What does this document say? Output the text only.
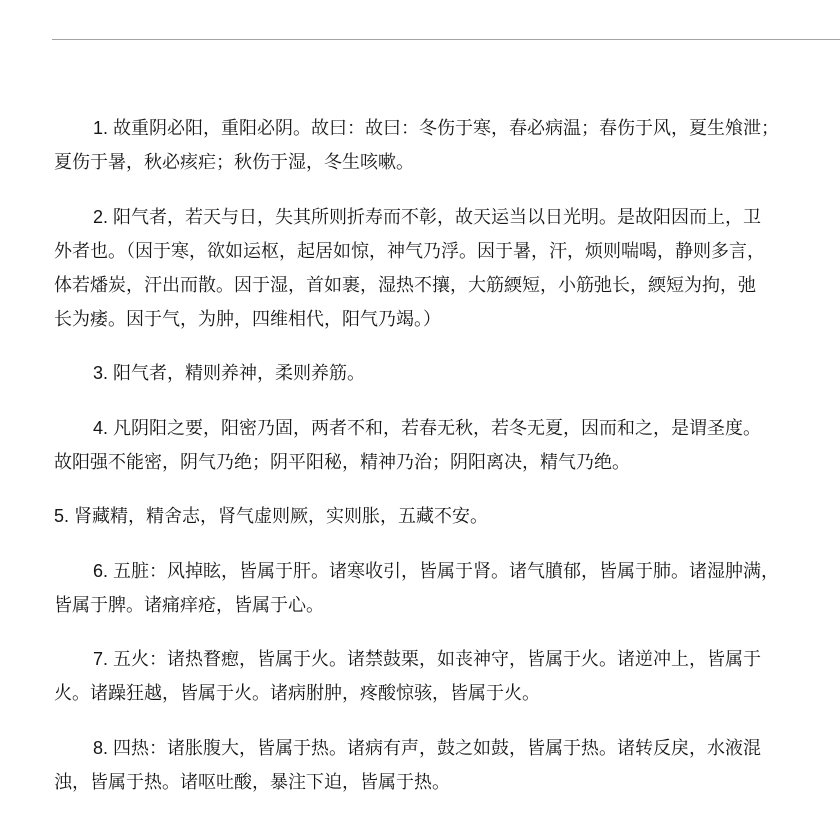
1. 故重阴必阳，重阳必阴。故曰：故曰：冬伤于寒，春必病温；春伤于风，夏生飧泄；
夏伤于暑，秋必痎疟；秋伤于湿，冬生咳嗽。
2. 阳气者，若天与日，失其所则折寿而不彰，故天运当以日光明。是故阳因而上，卫
外者也。（因于寒，欲如运枢，起居如惊，神气乃浮。因于暑，汗，烦则喘喝，静则多言，
体若燔炭，汗出而散。因于湿，首如裹，湿热不攘，大筋緛短，小筋弛长，緛短为拘，弛
长为痿。因于气，为肿，四维相代，阳气乃竭。）
3. 阳气者，精则养神，柔则养筋。
4. 凡阴阳之要，阳密乃固，两者不和，若春无秋，若冬无夏，因而和之，是谓圣度。
故阳强不能密，阴气乃绝；阴平阳秘，精神乃治；阴阳离决，精气乃绝。
5. 肾藏精，精舍志，肾气虚则厥，实则胀，五藏不安。
6. 五脏：风掉眩，皆属于肝。诸寒收引，皆属于肾。诸气膹郁，皆属于肺。诸湿肿满，
皆属于脾。诸痛痒疮，皆属于心。
7. 五火：诸热瞀瘛，皆属于火。诸禁鼓栗，如丧神守，皆属于火。诸逆冲上，皆属于
火。诸躁狂越，皆属于火。诸病胕肿，疼酸惊骇，皆属于火。
8. 四热：诸胀腹大，皆属于热。诸病有声，鼓之如鼓，皆属于热。诸转反戾，水液混
浊，皆属于热。诸呕吐酸，暴注下迫，皆属于热。
